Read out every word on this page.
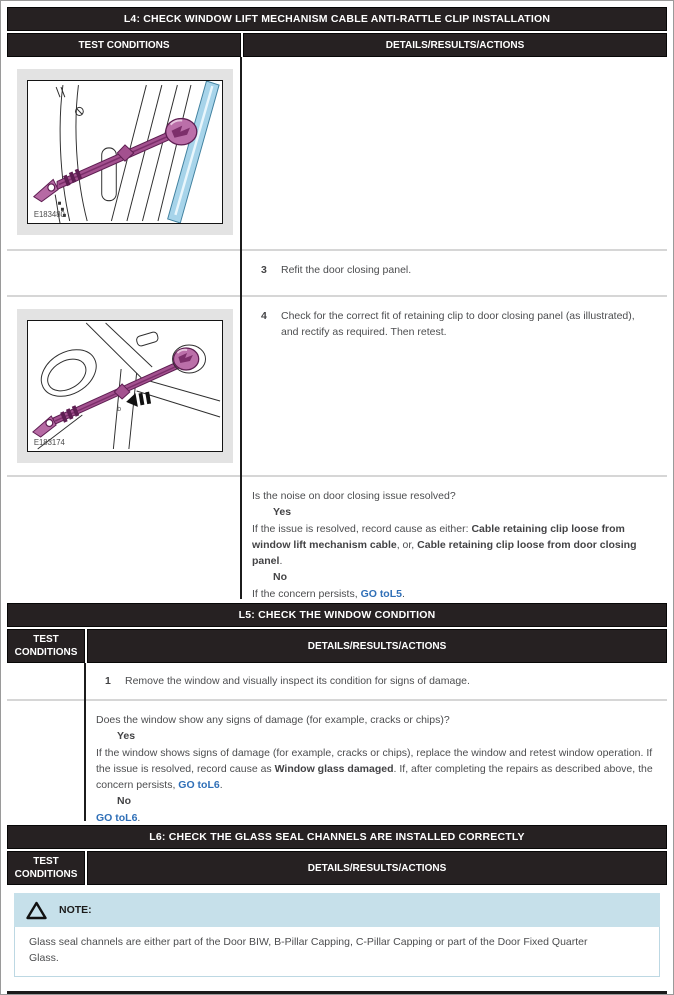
L4: CHECK WINDOW LIFT MECHANISM CABLE ANTI-RATTLE CLIP INSTALLATION
TEST CONDITIONS	DETAILS/RESULTS/ACTIONS
E183480
3	Refit the door closing panel.
b
E183174
4	Check for the correct fit of retaining clip to door closing panel (as illustrated), and rectify as required. Then retest.

Is the noise on door closing issue resolved?

Yes

If the issue is resolved, record cause as either: Cable retaining clip loose from window lift mechanism cable, or, Cable retaining clip loose from door closing panel.

No

If the concern persists, GO toL5.

L5: CHECK THE WINDOW CONDITION
TEST CONDITIONS
DETAILS/RESULTS/ACTIONS
1	Remove the window and visually inspect its condition for signs of damage.

Does the window show any signs of damage (for example, cracks or chips)?

Yes

If the window shows signs of damage (for example, cracks or chips), replace the window and retest window operation. If the issue is resolved, record cause as Window glass damaged. If, after completing the repairs as described above, the concern persists, GO toL6.

No

GO toL6.

L6: CHECK THE GLASS SEAL CHANNELS ARE INSTALLED CORRECTLY
TEST CONDITIONS
DETAILS/RESULTS/ACTIONS
NOTE:
Glass seal channels are either part of the Door BIW, B-Pillar Capping, C-Pillar Capping or part of the Door Fixed Quarter Glass.
